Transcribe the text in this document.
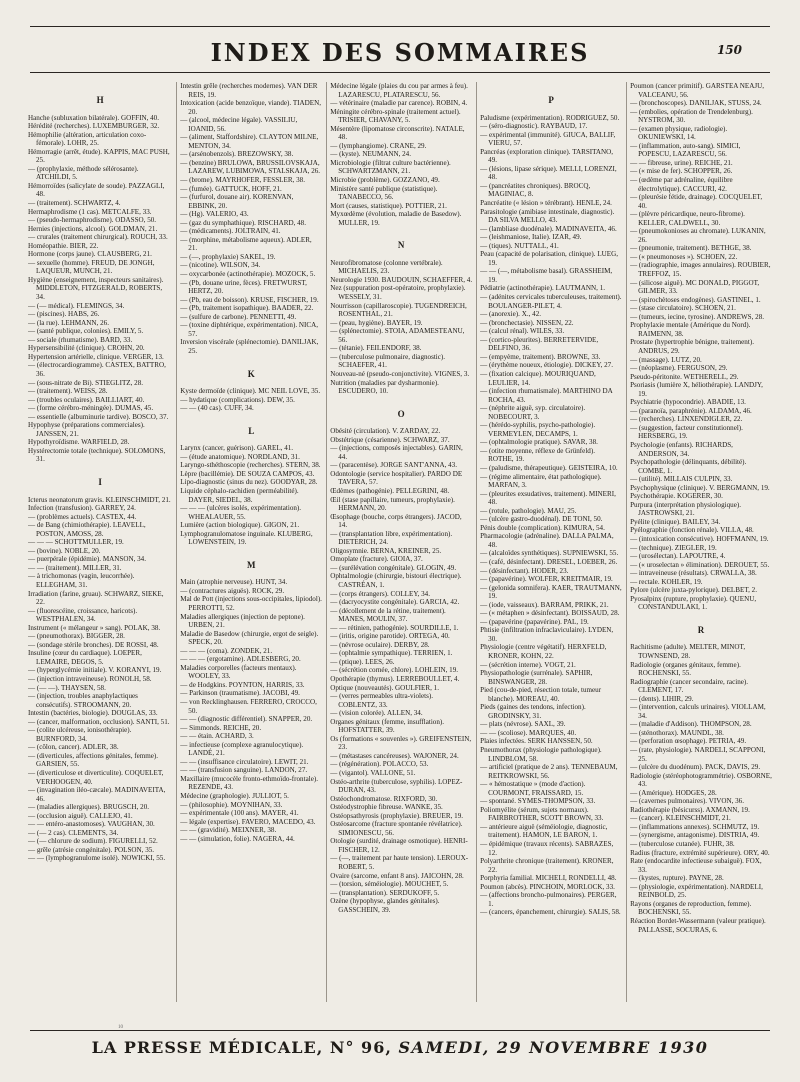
INDEX DES SOMMAIRES	150
H
Hanche (subluxation bilatérale). GOFFIN, 40.
Hérédité (recherches). LUXEMBURGER, 32.
Hémophilie (altération, articulation coxo-fémorale). LOHR, 25.
Hémorragie (arrêt, étude). KAPPIS, MAC PUSH, 25.
— (prophylaxie, méthode sélérosante). ATCHILDI, 5.
Hémorroïdes (salicylate de soude). PAZZAGLI, 48.
— (traitement). SCHWARTZ, 4.
Hermaphrodisme (1 cas). METCALFE, 33.
— (pseudo-hermaphrodisme). ODASSO, 50.
Hernies (injections, alcool). GOLDMAN, 21.
— crurales (traitement chirurgical). ROUCH, 33.
Homéopathie. BIER, 22.
Hormone (corps jaune). CLAUSBERG, 21.
— sexuelle (homme). FREUD, DE JONGH, LAQUEUR, MUNCH, 21.
Hygiène (enseignement, inspecteurs sanitaires). MIDDLETON, FITZGERALD, ROBERTS, 34.
— (— médical). FLEMINGS, 34.
— (piscines). HABS, 26.
— (la rue). LEHMANN, 26.
— (santé publique, colonies). EMILY, 5.
— sociale (rhumatisme). BARD, 33.
Hypersensibilité (clinique). CROHN, 20.
Hypertension artérielle, clinique. VERGER, 13.
— (électrocardiogramme). CASTEX, BATTRO, 36.
— (sous-nitrate de Bi). STIEGLITZ, 28.
— (traitement). WEISS, 28.
— (troubles oculaires). BAILLIART, 40.
— (forme cérébro-méningée). DUMAS, 45.
— essentielle (albuminurie tardive). BOSCO, 37.
Hypophyse (préparations commerciales). JANSSEN, 21.
Hypothyroïdisme. WARFIELD, 28.
Hystérectomie totale (technique). SOLOMONS, 31.
I
Icterus neonatorum gravis. KLEINSCHMIDT, 21.
Infection (transfusion). GARREY, 24.
— (problèmes actuels). CASTEX, 44.
— de Bang (chimiothérapie). LEAVELL, POSTON, AMOSS, 28.
— — — SCHOTTMULLER, 19.
— (bovine). NOBLE, 20.
— puerpérale (épidémie). MANSON, 34.
— — (traitement). MILLER, 31.
— à trichomonas (vagin, leucorrhée). ELLEGHAM, 31.
Irradiation (farine, gruau). SCHWARZ, SIEKE, 22.
— (fluorescéine, croissance, haricots). WESTPHALEN, 34.
Instrument (« mélangeur » sang). POLAK, 38.
— (pneumothorax). BIGGER, 28.
— (sondage stérile bronches). DE ROSSI, 48.
Insuline (cœur du cardiaque). LOEPER, LEMAIRE, DEGOS, 5.
— (hyperglycémie initiale). V. KORANYI, 19.
— (injection intraveineuse). RONOLH, 58.
— (— —). THAYSEN, 58.
— (injection, troubles anaphylactiques consécutifs). STROOMANN, 20.
Intestin (bactéries, biologie). DOUGLAS, 33.
— (cancer, malformation, occlusion). SANTI, 51.
— (colite ulcéreuse, ionisothérapie). BURNFORD, 34.
— (côlon, cancer). ADLER, 38.
— (diverticules, affections génitales, femme). GARSIEN, 55.
— (diverticulose et diverticulite). COQUELET, VERHOOGEN, 40.
— (invagination iléo-cæcale). MADINAVEITA, 46.
— (maladies allergiques). BRUGSCH, 20.
— (occlusion aiguë). CALLEJO, 41.
— — entéro-anastomoses). VAUGHAN, 30.
— (— 2 cas). CLEMENTS, 34.
— (— chlorure de sodium). FIGURELLI, 52.
— grêle (atrésie congénitale). POLSON, 35.
— — (lymphogranulome isolé). NOWICKI, 55.
Intestin grêle (recherches modernes). VAN DER REIS, 19.
Intoxication (acide benzoïque, viande). TIADEN, 20.
— (alcool, médecine légale). VASSILIU, IOANID, 56.
— (aliment, Staffordshire). CLAYTON MILNE, MENTON, 34.
— (arsénobenzols). BREZOWSKY, 38.
— (benzine) BRULOWA, BRUSSILOVSKAJA, LAZAREW, LUBIMOWA, STALSKAJA, 26.
— (brome). MAYRHOFER, FESSLER, 38.
— (fumée). GATTUCK, HOFF, 21.
— (furfurol, douane air). KORENVAN, EBBINK, 20.
— (Hg). VALERIO, 43.
— (gaz du symphathique). RISCHARD, 48.
— (médicaments). JOLTRAIN, 41.
— (morphine, métabolisme aqueux). ADLER, 21.
— (—, prophylaxie) SAKEL, 19.
— (nicotine). WILSON, 34.
— oxycarbonée (actinothérapie). MOZOCK, 5.
— (Pb, douane urine, fèces). FRETWURST, HERTZ, 20.
— (Pb, eau de boisson). KRUSE, FISCHER, 19.
— (Pb, traitement isopathique). BAADER, 22.
— (sulfure de carbone). PENNETTI, 49.
— (toxine diphtérique, expérimentation). NICA, 57.
Inversion viscérale (splénectomie). DANILJAK, 25.
K
Kyste dermoïde (clinique). MC NEIL LOVE, 35.
— hydatique (complications). DEW, 35.
— — (40 cas). CUFF, 34.
L
Larynx (cancer, guérison). GAREL, 41.
— (étude anatomique). NORDLAND, 31.
Laryngo-sthéthoscopie (recherches). STERN, 38.
Lèpre (bacillémie). DE SOUZA CAMPOS, 43.
Lipo-diagnostic (sinus du nez). GOODYAR, 28.
Liquide céphalo-rachidien (perméabilité). DAYER, SIEDEL, 38.
— — — (ulcères isolés, expérimentation). WHEALAUER, 55.
Lumière (action biologique). GIGON, 21.
Lymphogranulomatose inguinale. KLUBERG, LOWENSTEIN, 19.
M
Main (atrophie nerveuse). HUNT, 34.
— (contractures aiguës). ROCK, 29.
Mal de Pott (injections sous-occipitales, lipiodol). PERROTTI, 52.
Maladies allergiques (injection de peptone). URBEN, 21.
Maladie de Basedow (chirurgie, ergot de seigle). SPECK, 20.
— — — (coma). ZONDEK, 21.
— — — (ergotamine). ADLESBERG, 20.
Maladies corporelles (facteurs mentaux). WOOLEY, 33.
— de Hodgkins. POYNTON, HARRIS, 33.
— Parkinson (traumatisme). JACOBI, 49.
— von Recklinghausen. FERRERO, CROCCO, 50.
— — (diagnostic différentiel). SNAPPER, 20.
— Simmonds. REICHE, 20.
— — étain. ACHARD, 3.
— infectieuse (complexe agranulocytique). LANDÉ, 21.
— — (insuffisance circulatoire). LEWIT, 21.
— — (transfusion sanguine). LANDON, 27.
Maxillaire (mucocèle fronto-ethmoïdo-frontale). REZENDE, 43.
Médecine (graphologie). JULLIOT, 5.
— (philosophie). MOYNIHAN, 33.
— expérimentale (100 ans). MAYER, 41.
— légale (expertise). FAVERO, MACEDO, 43.
— — (gravidité). MEIXNER, 38.
— — (simulation, folie). NAGERA, 44.
Médecine légale (plaies du cou par armes à feu). LAZARESCU, PLATARESCU, 56.
— vétérinaire (maladie par carence). ROBIN, 4.
Méningite cérébro-spinale (traitement actuel). TRISIER, CHAVANY, 5.
Mésentère (lipomatose circonscrite). NATALE, 48.
— (lymphangiome). CRANE, 29.
— (kyste). NEUMANN, 24.
Microbiologie (filtrat culture bactérienne). SCHWARTZMANN, 21.
Microbie (problème). GOZZANO, 49.
Ministère santé publique (statistique). TANABECCO, 56.
Mort (causes, statistique). POTTIER, 21.
Myxœdème (évolution, maladie de Basedow). MULLER, 19.
N
Neurofibromatose (colonne vertébrale). MICHAELIS, 23.
Neurologie 1930. BAUDOUIN, SCHAEFFER, 4.
Nez (suppuration post-opératoire, prophylaxie). WESSELY, 31.
Nourrisson (capillaroscopie). TUGENDREICH, ROSENTHAL, 21.
— (peau, hygiène). BAYER, 19.
— (splénectomie). STOIA, ADAMESTEANU, 56.
— (tétanie). FEILENDORF, 38.
— (tuberculose pulmonaire, diagnostic). SCHAEFER, 41.
Nouveau-né (pseudo-conjonctivite). VIGNES, 3.
Nutrition (maladies par dysharmonie). ESCUDERO, 10.
O
Obésité (circulation). V. ZARDAY, 22.
Obstétrique (césarienne). SCHWARZ, 37.
— (injections, composés injectables). GARIN, 44.
— (paracentèse). JORGE SANT'ANNA, 43.
Odontologie (service hospitalier). PARDO DE TAVERA, 57.
Œdèmes (pathogénie). PELLEGRINI, 48.
Œil (stase papillaire, tumeurs, prophylaxie). HERMANN, 20.
Œsophage (bouche, corps étrangers). JACOD, 14.
— (transplantation libre, expérimentation). DIETERICH, 24.
Oligosymnie. BERNA, KREINER, 25.
Omoplate (fracture). GIOIA, 37.
— (surélévation congénitale). GLOGIN, 49.
Ophtalmologie (chirurgie, bistouri électrique). CASTRÉAN, 1.
— (corps étrangers). COLLEY, 34.
— (dacryocystite congénitale). GARCIA, 42.
— (décollement de la rétine, traitement). MANES, MOULIN, 37.
— — rétinien, pathogénie). SOURDILLE, 1.
— (iritis, origine parotide). ORTEGA, 40.
— (névrose oculaire). DERBY, 28.
— (ophtalmie sympathique). TERRIEN, 1.
— (ptique). LEES, 26.
— (sécrétion cornée, chlore). LOHLEIN, 19.
Opothérapie (thymus). LERREBOULLET, 4.
Optique (nouveautés). GOULFIER, 1.
— (verres permeables ultra-violets). COBLENTZ, 33.
— (vision colorée). ALLEN, 34.
Organes génitaux (femme, insufflation). HOFSTATTER, 39.
Os (formations « souvenles »). GREIFENSTEIN, 23.
— (métastases cancéreuses). WAJONER, 24.
— (régénération). POLACCO, 53.
— (vigantol). VALLONE, 51.
Ostéo-arthrite (tuberculose, syphilis). LOPEZ-DURAN, 43.
Ostéochondromatose. RIXFORD, 30.
Ostéodystrophie fibreuse. WANKE, 35.
Ostéopsathyrosis (prophylaxie). BREUER, 19.
Ostéosarcome (fracture spontanée révélatrice). SIMIONESCU, 56.
Otologie (surdité, drainage osmotique). HENRI-FISCHER, 12.
— (—, traitement par haute tension). LEROUX-ROBERT, 5.
Ovaire (sarcome, enfant 8 ans). JAICOHN, 28.
— (torsion, séméiologie). MOUCHET, 5.
— (transplantation). SERDUKOFF, 5.
Ozène (hypophyse, glandes génitales). GASSCHEIN, 39.
P
Paludisme (expérimentation). RODRIGUEZ, 50.
— (séro-diagnostic). RAYBAUD, 17.
— expérimental (immunité). GIUCA, BALLIF, VIERU, 57.
Pancréas (exploration clinique). TARSITANO, 49.
— (lésions, lipase sérique). MELLI, LORENZI, 48.
— (pancréatites chroniques). BROCQ, MAGINIAC, 8.
Pancréatite (« lésion » térébrant). HENLE, 24.
Parasitologie (amibiase intestinale, diagnostic). DA SILVA MELLO, 43.
— (lambliase duodénale). MADINAVEITA, 46.
— (leishmaniose, Italie). IZAR, 49.
— (tiques). NUTTALL, 41.
Peau (capacité de polarisation, clinique). LUEG, 19.
— — (—, métabolisme basal). GRASSHEIM, 19.
Pédiatrie (actinothérapie). LAUTMANN, 1.
— (adénites cervicales tuberculeuses, traitement). BOULANGER-PILET, 4.
— (anorexie). X., 42.
— (bronchectasie). NISSEN, 22.
— (calcul rénal). WILES, 33.
— (cortico-pleurites). BERRETERVIDE, DELFINO, 36.
— (empyème, traitement). BROWNE, 33.
— (érythème noueux, étiologie). DICKEY, 27.
— (fixation calcique). MOURIQUAND, LEULIER, 14.
— (infection rhumatismale). MARTHINO DA ROCHA, 43.
— (néphrite aiguë, syp. circulatoire). NOBECOURT, 3.
— (hérédo-syphilis, psycho-pathologie). VERMEYLEN, DECAMPS, 1.
— (ophtalmologie pratique). SAVAR, 38.
— (otite moyenne, réflexe de Grünfeld). ROTHE, 19.
— (paludisme, thérapeutique). GEISTEIRA, 10.
— (régime alimentaire, état pathologique). MARFAN, 3.
— (pleurites exsudatives, traitement). MINERI, 48.
— (rotule, pathologie). MAU, 25.
— (ulcère gastro-duodénal). DE TONI, 50.
Pénis double (complication). KIMURA, 54.
Pharmacologie (adrénaline). DALLA PALMA, 48.
— (alcaloïdes synthétiques). SUPNIEWSKI, 55.
— (café, désinfectant). DRESEL, LOEBER, 26.
— (désinfectant). HODER, 23.
— (papavérine). WOLFER, KREITMAIR, 19.
— (gelonida somnifera). KAER, TRAUTMANN, 19.
— (iode, vaisseaux). BARRAM, PRIKK, 21.
— (« métaphen » désinfectant). BOISSAUD, 28.
— (papavérine (papavérine). PAL, 19.
Phtisie (infiltration infraclaviculaire). LYDEN, 30.
Physiologie (centre végétatif). HERXFELD, KRONER, KOHN, 22.
— (sécrétion interne). VOGT, 21.
Physiopathologie (surrénale). SAPHIR, BINSWANGER, 28.
Pied (cou-de-pied, résection totale, tumeur blanche). MOREAU, 40.
Pieds (gaines des tendons, infection). GRODINSKY, 31.
— plats (névrose). SAXL, 39.
— — (scoliose). MARQUES, 40.
Plaies infectées. SERK HANSSEN, 50.
Pneumothorax (physiologie pathologique). LINDBLOM, 58.
— artificiel (pratique de 2 ans). TENNEBAUM, REITKROWSKI, 56.
— « hémostatique » (mode d'action). COURMONT, FRAISSARD, 15.
— spontané. SYMES-THOMPSON, 33.
Poliomyélite (sérum, sujets normaux). FAIRBROTHER, SCOTT BROWN, 33.
— antérieure aiguë (séméiologie, diagnostic, traitement). HAMON, LE BARON, 1.
— épidémique (travaux récents). SABRAZES, 12.
Polyarthrite chronique (traitement). KRONER, 22.
Porphyria familial. MICHELI, RONDELLI, 48.
Poumon (abcès). PINCHOIN, MORLOCK, 33.
— (affections broncho-pulmonaires). PERGER, 1.
— (cancers, épanchement, chirurgie). SALIS, 58.
Poumon (cancer primitif). GARSTEA NEAJU, VALCEANU, 56.
— (bronchoscopes). DANILJAK, STUSS, 24.
— (embolies, opération de Trendelenburg). NYSTROM, 30.
— (examen physique, radiologie). OKUNIEWSKI, 14.
— (inflammation, auto-sang). SIMICI, POPESCU, LAZARESCU, 56.
— — fibreuse, urine). REICHE, 21.
— (« mise de fer). SCHOPPER, 26.
— (œdème par adrénaline, équilibre électrolytique). CACCURI, 42.
— (pleurésie fétide, drainage). COCQUELET, 40.
— (plèvre péricardique, neuro-fibrome). KELLER, CALDWELL, 30.
— (pneumokonioses au chromate). LUKANIN, 26.
— (pneumonie, traitement). BETHGE, 38.
— (« pneumonoses »). SCHOEN, 22.
— (radiographie, images annulaires). ROUBIER, TREFFOZ, 15.
— (silicose aiguë). MC DONALD, PIGGOT, GILMER, 33.
— (spirochètoses endogènes). GASTINEL, 1.
— (stase circulatoire). SCHOEN, 21.
— (tumeurs, iecine, tyrosine). ANDREWS, 28.
Prophylaxie mentale (Amérique du Nord). RAIMENN, 38.
Prostate (hypertrophie bénigne, traitement). ANDRUS, 29.
— (massage). LUTZ, 20.
— (néoplasme). FERGUSON, 29.
Pseudo-péritonite. WETHERELL, 29.
Psoriasis (lumière X, héliothérapie). LANDJY, 19.
Psychiatrie (hypocondrie). ABADIE, 13.
— (paranoïa, paraphrénie). ALDAMA, 46.
— (recherches). LINXENDIGLER, 22.
— (suggestion, facteur constitutionnel). HERSBERG, 19.
Psychologie (enfants). RICHARDS, ANDERSON, 34.
Psychopathologie (délinquants, débilité). COMBE, 1.
— (utilité). MILLAIS CULPIN, 33.
Psychophysique (clinique). V. BERGMANN, 19.
Psychothérapie. KOGERER, 30.
Purpura (interprétation physiologique). JASTROWSKI, 21.
Pyélite (clinique). BAILEY, 34.
Pyélographie (fonction rénale). VILLA, 48.
— (intoxication consécutive). HOFFMANN, 19.
— (technique). ZIEGLER, 19.
— (urosélectan). LAPOUTRE, 4.
— (« uroselectan » élimination). DEROUET, 55.
— intraveineuse (résultats). CRWALLA, 38.
— rectale. KOHLER, 19.
Pylore (ulcère juxta-pylorique). DELBET, 2.
Pyosalpinx (rupture, prophylaxie). QUENU, CONSTANDULAKI, 1.
R
Rachitisme (adulte). MELTER, MINOT, TOWNSEND, 28.
Radiologie (organes génitaux, femme). ROCHENSKI, 55.
Radiographie (cancer secondaire, racine). CLEMENT, 17.
— (dents). LIHIR, 29.
— (intervention, calculs urinaires). VIOLLAM, 34.
— (maladie d'Addison). THOMPSON, 28.
— (sténothorax). MAUNDL, 38.
— (perforation œsophage). PETRIA, 49.
— (rate, physiologie). NARDELI, SCAPPONI, 25.
— (ulcère du duodénum). PACK, DAVIS, 29.
Radiologie (stéréophotogrammétrie). OSBORNE, 43.
— (Amérique). HODGES, 28.
— (cavernes pulmonaires). VIVON, 36.
Radiothérapie (bésicurss). AXMANN, 19.
— (cancer). KLEINSCHMIDT, 21.
— (inflammations annexes). SCHMUTZ, 19.
— (synergisme, antagonisme). DISTRIA, 49.
— (tuberculose cutanée). FUHR, 38.
Radius (fracture, extrémité supérieure). ORY, 40.
Rate (endocardite infectieuse subaiguë). FOX, 33.
— (kystes, rupture). PAYNE, 28.
— (physiologie, expérimentation). NARDELI, REINBOLD, 25.
Rayons (organes de reproduction, femme). BOCHENSKI, 55.
Réaction Bordet-Wassermann (valeur pratique). PALLASSE, SOCURAS, 6.
10
LA PRESSE MÉDICALE, N° 96, SAMEDI, 29 NOVEMBRE 1930
